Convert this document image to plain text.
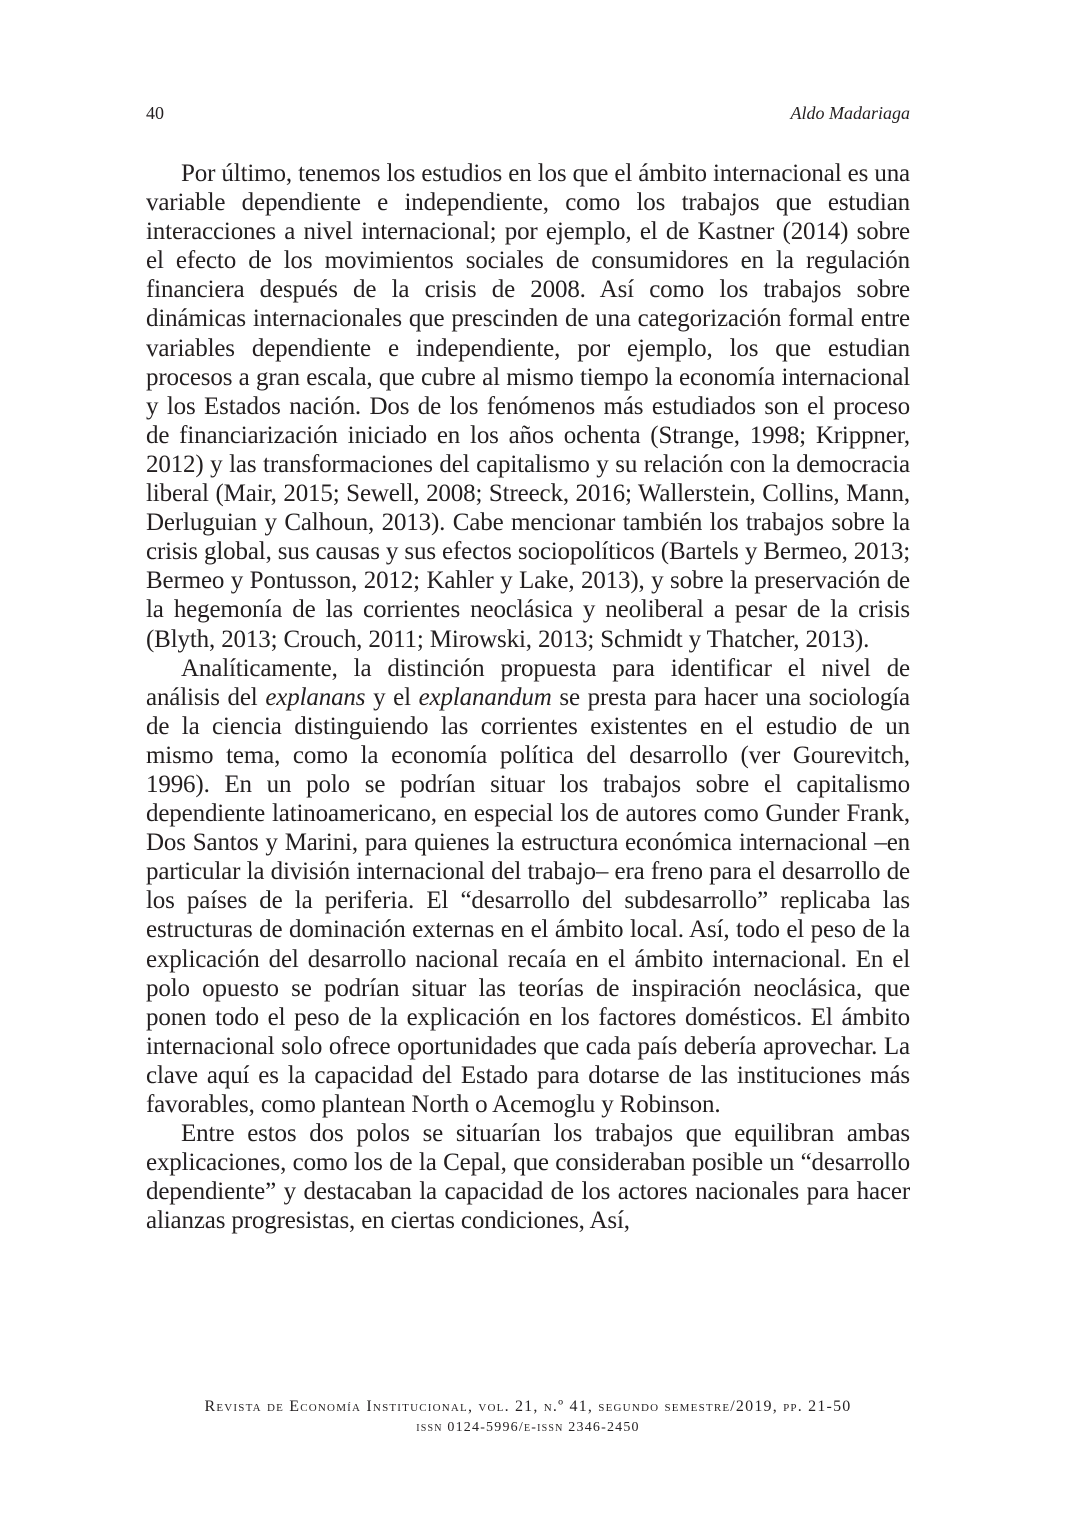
40	Aldo Madariaga

Por último, tenemos los estudios en los que el ámbito internacional es una variable dependiente e independiente, como los trabajos que estudian interacciones a nivel internacional; por ejemplo, el de Kastner (2014) sobre el efecto de los movimientos sociales de consumidores en la regulación financiera después de la crisis de 2008. Así como los trabajos sobre dinámicas internacionales que prescinden de una categorización formal entre variables dependiente e independiente, por ejemplo, los que estudian procesos a gran escala, que cubre al mismo tiempo la economía internacional y los Estados nación. Dos de los fenómenos más estudiados son el proceso de financiarización iniciado en los años ochenta (Strange, 1998; Krippner, 2012) y las transformaciones del capitalismo y su relación con la democracia liberal (Mair, 2015; Sewell, 2008; Streeck, 2016; Wallerstein, Collins, Mann, Derluguian y Calhoun, 2013). Cabe mencionar también los trabajos sobre la crisis global, sus causas y sus efectos sociopolíticos (Bartels y Bermeo, 2013; Bermeo y Pontusson, 2012; Kahler y Lake, 2013), y sobre la preservación de la hegemonía de las corrientes neoclásica y neoliberal a pesar de la crisis (Blyth, 2013; Crouch, 2011; Mirowski, 2013; Schmidt y Thatcher, 2013).

Analíticamente, la distinción propuesta para identificar el nivel de análisis del explanans y el explanandum se presta para hacer una sociología de la ciencia distinguiendo las corrientes existentes en el estudio de un mismo tema, como la economía política del desarrollo (ver Gourevitch, 1996). En un polo se podrían situar los trabajos sobre el capitalismo dependiente latinoamericano, en especial los de autores como Gunder Frank, Dos Santos y Marini, para quienes la estructura económica internacional –en particular la división internacional del trabajo– era freno para el desarrollo de los países de la periferia. El “desarrollo del subdesarrollo” replicaba las estructuras de dominación externas en el ámbito local. Así, todo el peso de la explicación del desarrollo nacional recaía en el ámbito internacional. En el polo opuesto se podrían situar las teorías de inspiración neoclásica, que ponen todo el peso de la explicación en los factores domésticos. El ámbito internacional solo ofrece oportunidades que cada país debería aprovechar. La clave aquí es la capacidad del Estado para dotarse de las instituciones más favorables, como plantean North o Acemoglu y Robinson.

Entre estos dos polos se situarían los trabajos que equilibran ambas explicaciones, como los de la Cepal, que consideraban posible un “desarrollo dependiente” y destacaban la capacidad de los actores nacionales para hacer alianzas progresistas, en ciertas condiciones, Así,

Revista de Economía Institucional, vol. 21, n.º 41, segundo semestre/2019, pp. 21-50
issn 0124-5996/e-issn 2346-2450
